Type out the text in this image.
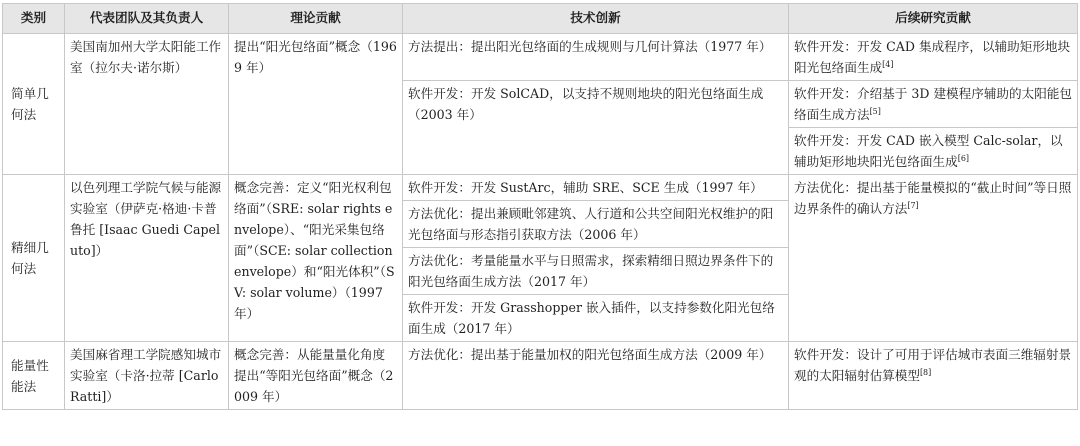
类别	代表团队及其负责人	理论贡献	技术创新	后续研究贡献
简单几何法	美国南加州大学太阳能工作室（拉尔夫·诺尔斯）	提出“阳光包络面”概念（1969 年）	方法提出：提出阳光包络面的生成规则与几何计算法（1977 年）	软件开发：开发 CAD 集成程序，以辅助矩形地块阳光包络面生成[4]
			软件开发：开发 SolCAD，以支持不规则地块的阳光包络面生成（2003 年）	软件开发：介绍基于 3D 建模程序辅助的太阳能包络面生成方法[5]
				软件开发：开发 CAD 嵌入模型 Calc-solar，以辅助矩形地块阳光包络面生成[6]
精细几何法	以色列理工学院气候与能源实验室（伊萨克·格迪·卡普鲁托 [Isaac Guedi Capeluto]）	概念完善：定义“阳光权利包络面”（SRE: solar rights envelope）、“阳光采集包络面”（SCE: solar collection envelope）和“阳光体积”（SV: solar volume）（1997 年）	软件开发：开发 SustArc，辅助 SRE、SCE 生成（1997 年）	方法优化：提出基于能量模拟的“截止时间”等日照边界条件的确认方法[7]
			方法优化：提出兼顾毗邻建筑、人行道和公共空间阳光权维护的阳光包络面与形态指引获取方法（2006 年）	
			方法优化：考量能量水平与日照需求，探索精细日照边界条件下的阳光包络面生成方法（2017 年）	
			软件开发：开发 Grasshopper 嵌入插件，以支持参数化阳光包络面生成（2017 年）	
能量性能法	美国麻省理工学院感知城市实验室（卡洛·拉蒂 [Carlo Ratti]）	概念完善：从能量量化角度提出“等阳光包络面”概念（2009 年）	方法优化：提出基于能量加权的阳光包络面生成方法（2009 年）	软件开发：设计了可用于评估城市表面三维辐射景观的太阳辐射估算模型[8]
